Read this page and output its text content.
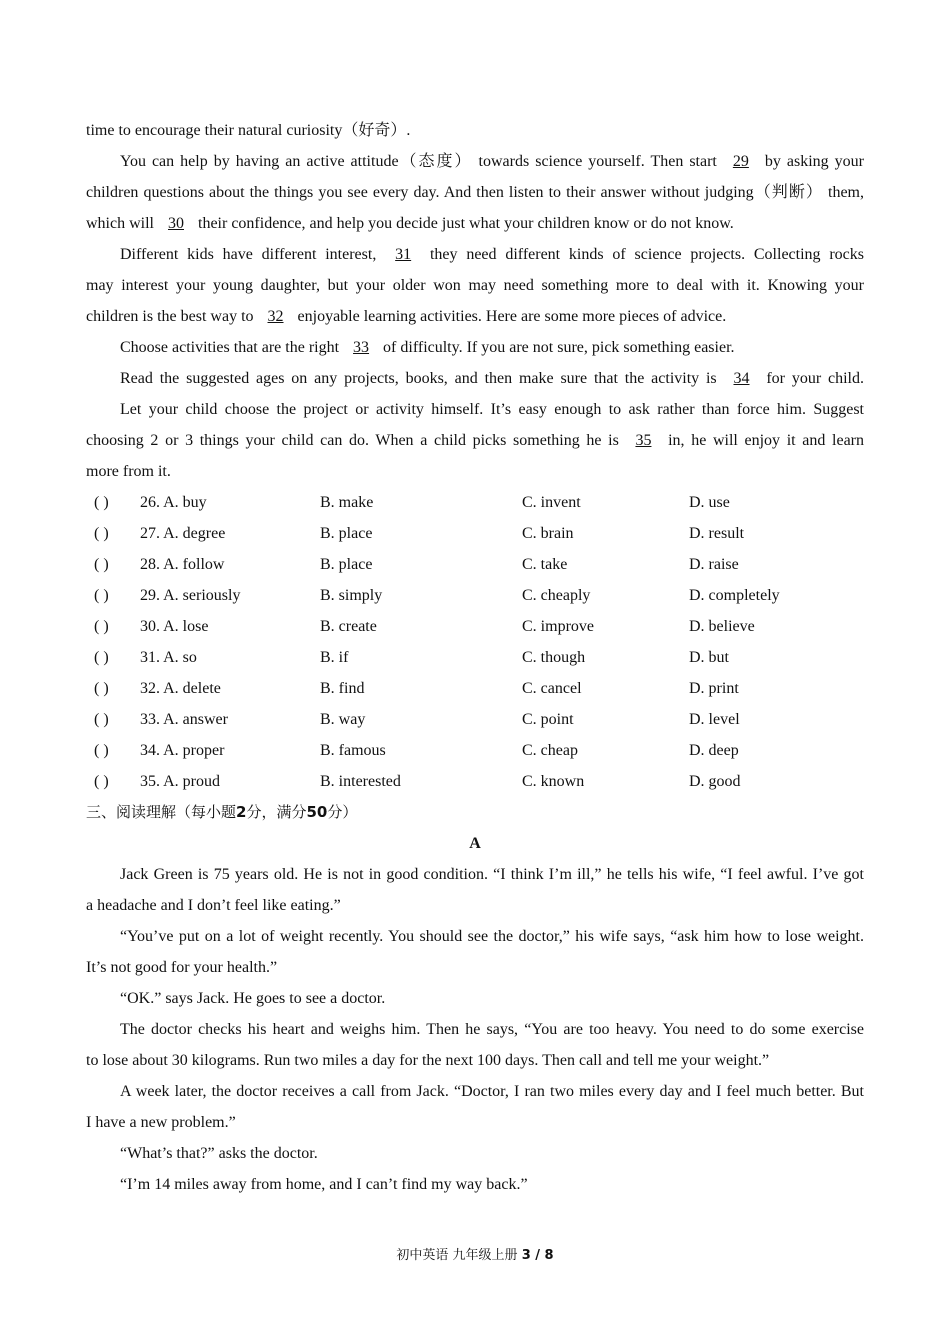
time to encourage their natural curiosity（好奇）.
You can help by having an active attitude（态度） towards science yourself. Then start 29 by asking your
children questions about the things you see every day. And then listen to their answer without judging（判断） them,
which will 30 their confidence, and help you decide just what your children know or do not know.
Different kids have different interest, 31 they need different kinds of science projects. Collecting rocks
may interest your young daughter, but your older won may need something more to deal with it. Knowing your
children is the best way to 32 enjoyable learning activities. Here are some more pieces of advice.
Choose activities that are the right 33 of difficulty. If you are not sure, pick something easier.
Read the suggested ages on any projects, books, and then make sure that the activity is 34 for your child.
Let your child choose the project or activity himself. It’s easy enough to ask rather than force him. Suggest
choosing 2 or 3 things your child can do. When a child picks something he is 35 in, he will enjoy it and learn
more from it.
( ) 26. A. buy	B. make	C. invent	D. use
( ) 27. A. degree	B. place	C. brain	D. result
( ) 28. A. follow	B. place	C. take	D. raise
( ) 29. A. seriously	B. simply	C. cheaply	D. completely
( ) 30. A. lose	B. create	C. improve	D. believe
( ) 31. A. so	B. if	C. though	D. but
( ) 32. A. delete	B. find	C. cancel	D. print
( ) 33. A. answer	B. way	C. point	D. level
( ) 34. A. proper	B. famous	C. cheap	D. deep
( ) 35. A. proud	B. interested	C. known	D. good
三、阅读理解（每小题2分，满分50分）
A
Jack Green is 75 years old. He is not in good condition. “I think I’m ill,” he tells his wife, “I feel awful. I’ve got
a headache and I don’t feel like eating.”
“You’ve put on a lot of weight recently. You should see the doctor,” his wife says, “ask him how to lose weight.
It’s not good for your health.”
“OK.” says Jack. He goes to see a doctor.
The doctor checks his heart and weighs him. Then he says, “You are too heavy. You need to do some exercise
to lose about 30 kilograms. Run two miles a day for the next 100 days. Then call and tell me your weight.”
A week later, the doctor receives a call from Jack. “Doctor, I ran two miles every day and I feel much better. But
I have a new problem.”
“What’s that?” asks the doctor.
“I’m 14 miles away from home, and I can’t find my way back.”
初中英语 九年级上册 3 / 8
